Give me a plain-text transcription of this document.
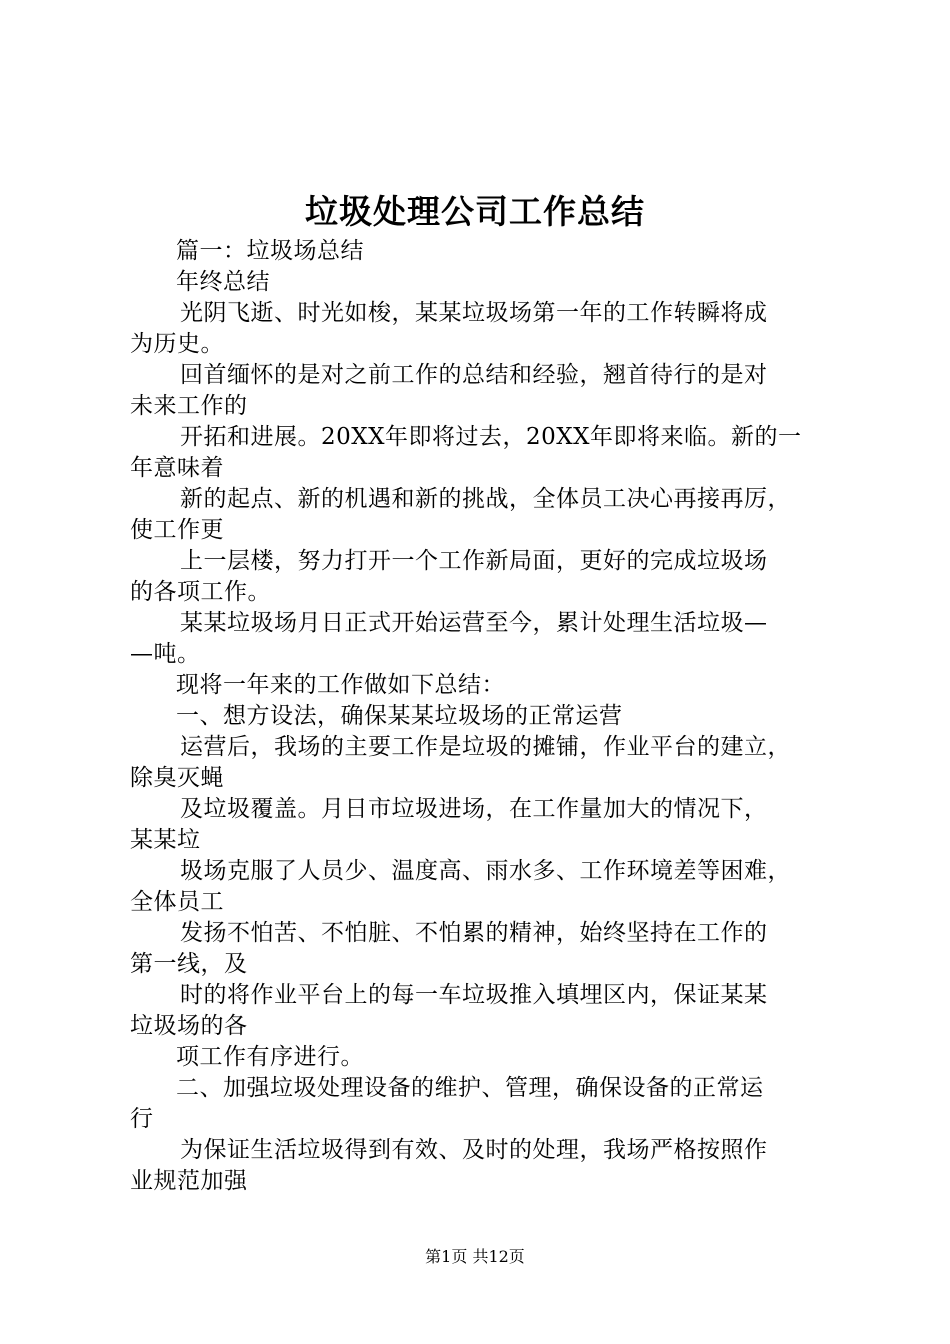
垃圾处理公司工作总结
篇一：垃圾场总结
年终总结
光阴飞逝、时光如梭，某某垃圾场第一年的工作转瞬将成
为历史。
回首缅怀的是对之前工作的总结和经验，翘首待行的是对
未来工作的
开拓和进展。20XX年即将过去，20XX年即将来临。新的一
年意味着
新的起点、新的机遇和新的挑战，全体员工决心再接再厉，
使工作更
上一层楼，努力打开一个工作新局面，更好的完成垃圾场
的各项工作。
某某垃圾场月日正式开始运营至今，累计处理生活垃圾—
—吨。
现将一年来的工作做如下总结：
一、想方设法，确保某某垃圾场的正常运营
运营后，我场的主要工作是垃圾的摊铺，作业平台的建立，
除臭灭蝇
及垃圾覆盖。月日市垃圾进场，在工作量加大的情况下，
某某垃
圾场克服了人员少、温度高、雨水多、工作环境差等困难，
全体员工
发扬不怕苦、不怕脏、不怕累的精神，始终坚持在工作的
第一线，及
时的将作业平台上的每一车垃圾推入填埋区内，保证某某
垃圾场的各
项工作有序进行。
二、加强垃圾处理设备的维护、管理，确保设备的正常运
行
为保证生活垃圾得到有效、及时的处理，我场严格按照作
业规范加强
第1页 共12页
